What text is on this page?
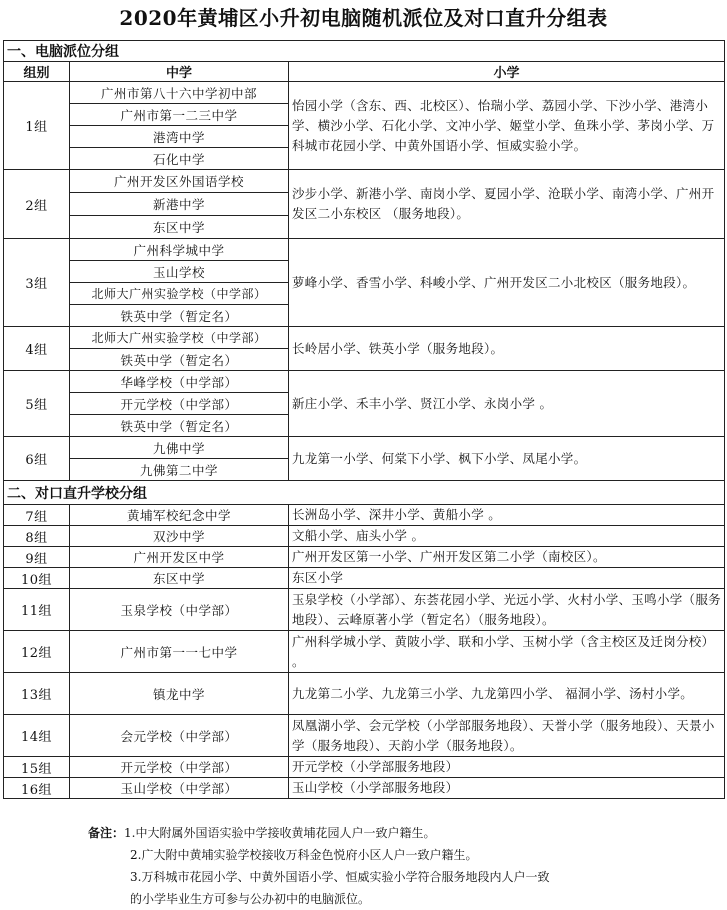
2020年黄埔区小升初电脑随机派位及对口直升分组表
一、电脑派位分组		
组别	中学	小学
1组	广州市第八十六中学初中部	怡园小学（含东、西、北校区）、怡瑞小学、荔园小学、下沙小学、港湾小学、横沙小学、石化小学、文冲小学、姬堂小学、鱼珠小学、茅岗小学、万科城市花园小学、中黄外国语小学、恒威实验小学。
	广州市第一二三中学	
	港湾中学	
	石化中学	
2组	广州开发区外国语学校	沙步小学、新港小学、南岗小学、夏园小学、沧联小学、南湾小学、广州开发区二小东校区 （服务地段）。
	新港中学	
	东区中学	
3组	广州科学城中学	萝峰小学、香雪小学、科峻小学、广州开发区二小北校区（服务地段）。
	玉山学校	
	北师大广州实验学校（中学部）	
	铁英中学（暂定名）	
4组	北师大广州实验学校（中学部）	长岭居小学、铁英小学（服务地段）。
	铁英中学（暂定名）	
5组	华峰学校（中学部）	新庄小学、禾丰小学、贤江小学、永岗小学 。
	开元学校（中学部）	
	铁英中学（暂定名）	
6组	九佛中学	九龙第一小学、何棠下小学、枫下小学、凤尾小学。
	九佛第二中学	
二、对口直升学校分组		
7组	黄埔军校纪念中学	长洲岛小学、深井小学、黄船小学 。
8组	双沙中学	文船小学、庙头小学 。
9组	广州开发区中学	广州开发区第一小学、广州开发区第二小学（南校区）。
10组	东区中学	东区小学
11组	玉泉学校（中学部）	玉泉学校（小学部）、东荟花园小学、光远小学、火村小学、玉鸣小学（服务地段）、云峰原著小学（暂定名）（服务地段）。
12组	广州市第一一七中学	广州科学城小学、黄陂小学、联和小学、玉树小学（含主校区及迁岗分校） 。
13组	镇龙中学	九龙第二小学、九龙第三小学、九龙第四小学、 福洞小学、汤村小学。
14组	会元学校（中学部）	凤凰湖小学、会元学校（小学部服务地段）、天誉小学（服务地段）、天景小学（服务地段）、天韵小学（服务地段）。
15组	开元学校（中学部）	开元学校（小学部服务地段）
16组	玉山学校（中学部）	玉山学校（小学部服务地段）
备注：1.中大附属外国语实验中学接收黄埔花园人户一致户籍生。
2.广大附中黄埔实验学校接收万科金色悦府小区人户一致户籍生。
3.万科城市花园小学、中黄外国语小学、恒威实验小学符合服务地段内人户一致
的小学毕业生方可参与公办初中的电脑派位。
